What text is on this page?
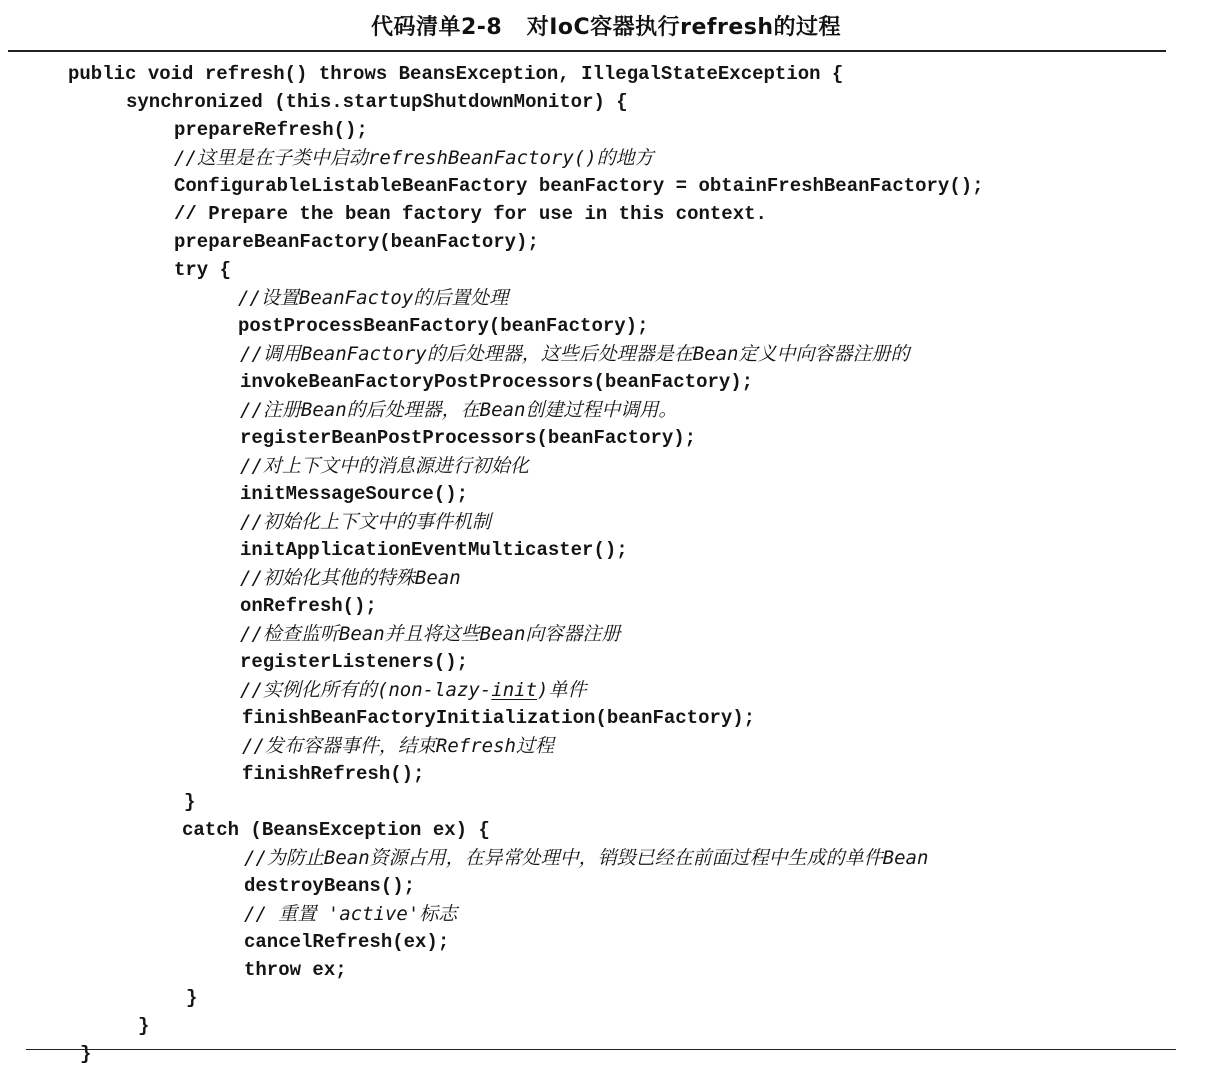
代码清单2-8   对IoC容器执行refresh的过程
public void refresh() throws BeansException, IllegalStateException {
synchronized (this.startupShutdownMonitor) {
prepareRefresh();
//这里是在子类中启动refreshBeanFactory()的地方
ConfigurableListableBeanFactory beanFactory = obtainFreshBeanFactory();
// Prepare the bean factory for use in this context.
prepareBeanFactory(beanFactory);
try {
//设置BeanFactoy的后置处理
postProcessBeanFactory(beanFactory);
//调用BeanFactory的后处理器，这些后处理器是在Bean定义中向容器注册的
invokeBeanFactoryPostProcessors(beanFactory);
//注册Bean的后处理器，在Bean创建过程中调用。
registerBeanPostProcessors(beanFactory);
//对上下文中的消息源进行初始化
initMessageSource();
//初始化上下文中的事件机制
initApplicationEventMulticaster();
//初始化其他的特殊Bean
onRefresh();
//检查监听Bean并且将这些Bean向容器注册
registerListeners();
//实例化所有的(non-lazy-init)单件
finishBeanFactoryInitialization(beanFactory);
//发布容器事件，结束Refresh过程
finishRefresh();
}
catch (BeansException ex) {
//为防止Bean资源占用，在异常处理中，销毁已经在前面过程中生成的单件Bean
destroyBeans();
// 重置 'active'标志
cancelRefresh(ex);
throw ex;
}
}
}
